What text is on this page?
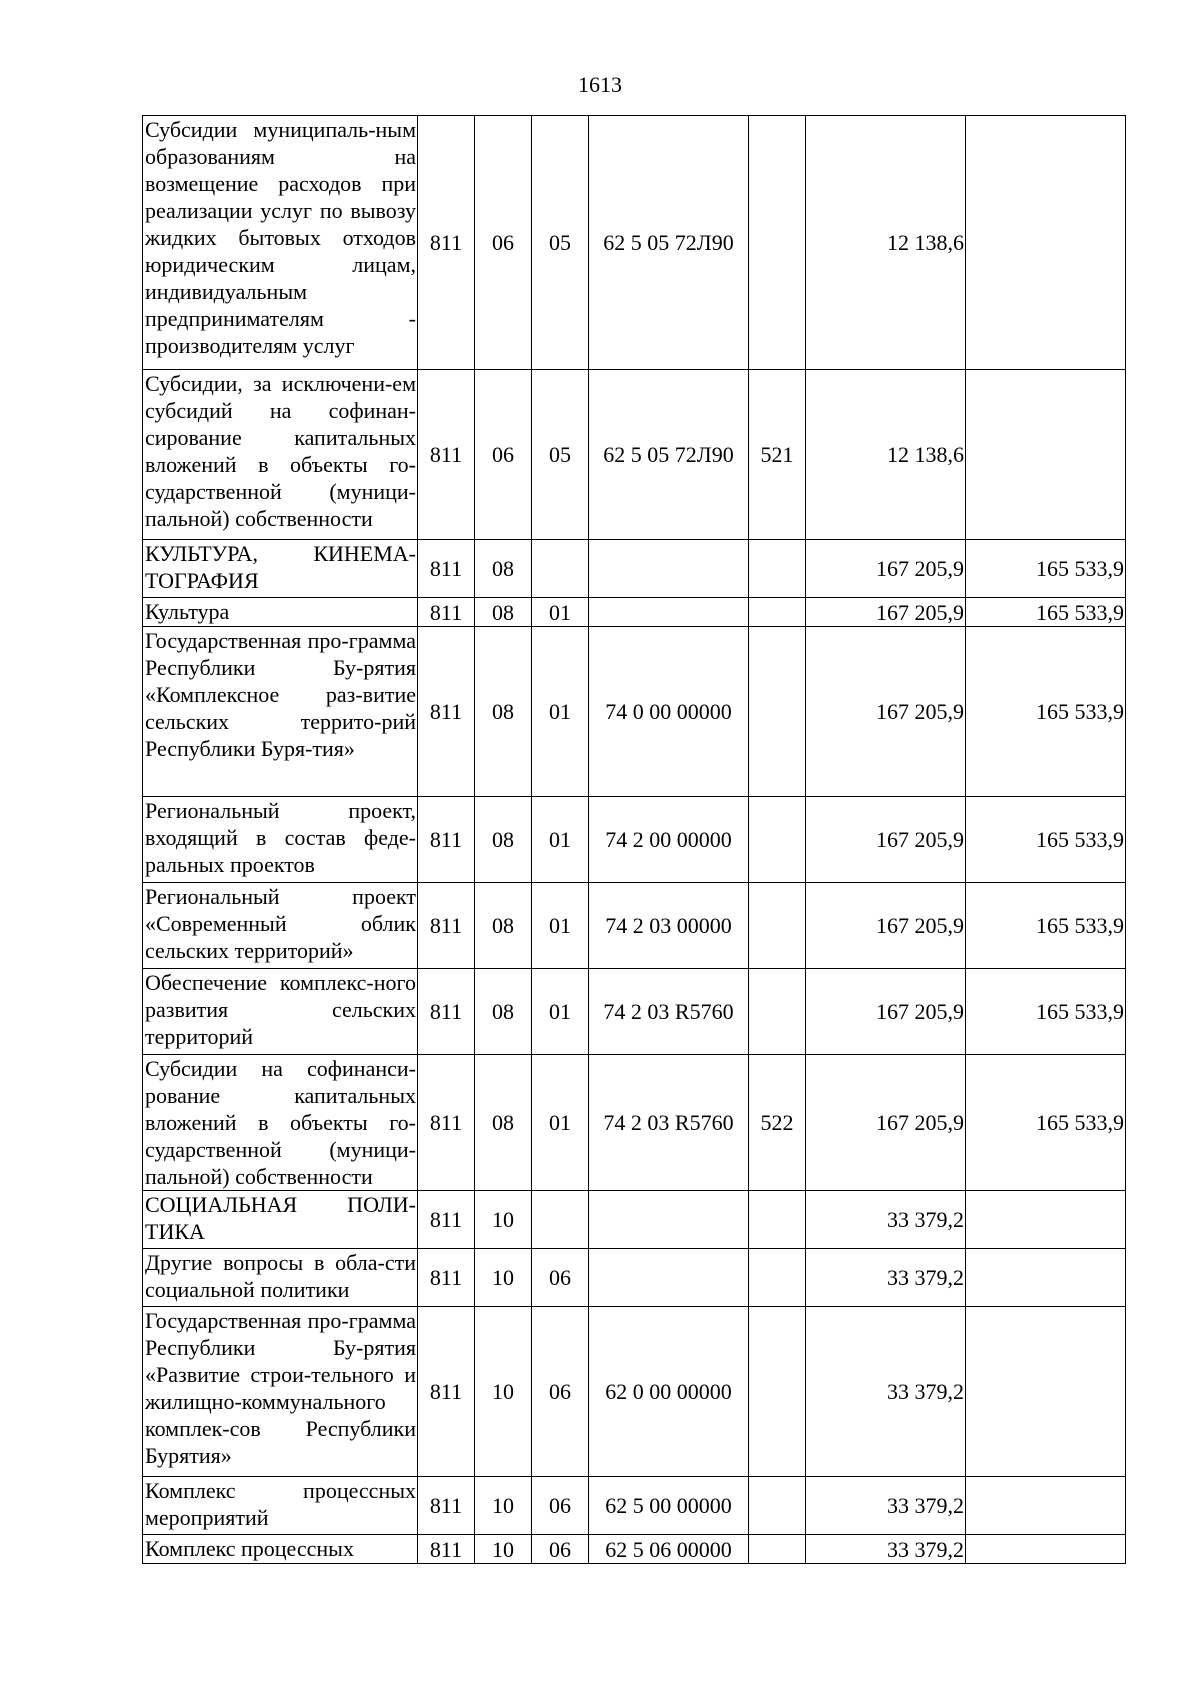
1613
Субсидии муниципаль-ным образованиям на возмещение расходов при реализации услуг по вывозу жидких бытовых отходов юридическим лицам, индивидуальным предпринимателям - производителям услуг	811	06	05	62 5 05 72Л90		12 138,6	
Субсидии, за исключени-ем субсидий на софинан-сирование капитальных вложений в объекты го-сударственной (муници-пальной) собственности	811	06	05	62 5 05 72Л90	521	12 138,6	
КУЛЬТУРА, КИНЕМА-ТОГРАФИЯ	811	08				167 205,9	165 533,9
Культура	811	08	01			167 205,9	165 533,9
Государственная про-грамма Республики Бу-рятия «Комплексное раз-витие сельских террито-рий Республики Буря-тия»	811	08	01	74 0 00 00000		167 205,9	165 533,9
Региональный проект, входящий в состав феде-ральных проектов	811	08	01	74 2 00 00000		167 205,9	165 533,9
Региональный проект «Современный облик сельских территорий»	811	08	01	74 2 03 00000		167 205,9	165 533,9
Обеспечение комплекс-ного развития сельских территорий	811	08	01	74 2 03 R5760		167 205,9	165 533,9
Субсидии на софинанси-рование капитальных вложений в объекты го-сударственной (муници-пальной) собственности	811	08	01	74 2 03 R5760	522	167 205,9	165 533,9
СОЦИАЛЬНАЯ ПОЛИ-ТИКА	811	10				33 379,2	
Другие вопросы в обла-сти социальной политики	811	10	06			33 379,2	
Государственная про-грамма Республики Бу-рятия «Развитие строи-тельного и жилищно-коммунального комплек-сов Республики Бурятия»	811	10	06	62 0 00 00000		33 379,2	
Комплекс процессных мероприятий	811	10	06	62 5 00 00000		33 379,2	
Комплекс процессных	811	10	06	62 5 06 00000		33 379,2	
